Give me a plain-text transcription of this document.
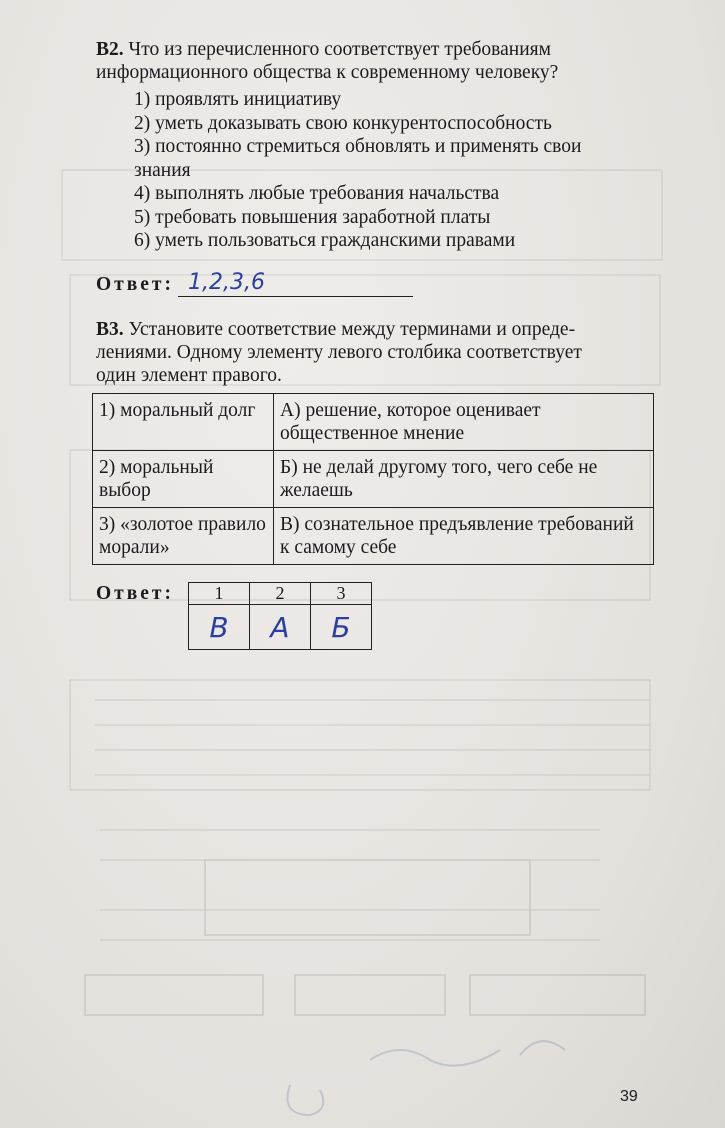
В2. Что из перечисленного соответствует требованиям
информационного общества к современному человеку?
1) проявлять инициативу
2) уметь доказывать свою конкурентоспособность
3) постоянно стремиться обновлять и применять свои
знания
4) выполнять любые требования начальства
5) требовать повышения заработной платы
6) уметь пользоваться гражданскими правами
Ответ: 1,2,3,6
В3. Установите соответствие между терминами и опреде-
лениями. Одному элементу левого столбика соответствует
один элемент правого.
1) моральный долг	А) решение, которое оценивает общественное мнение
2) моральный выбор	Б) не делай другому того, чего себе не желаешь
3) «золотое правило морали»	В) сознательное предъявление требований к самому себе
Ответ: 1	2	3
В	А	Б
39
